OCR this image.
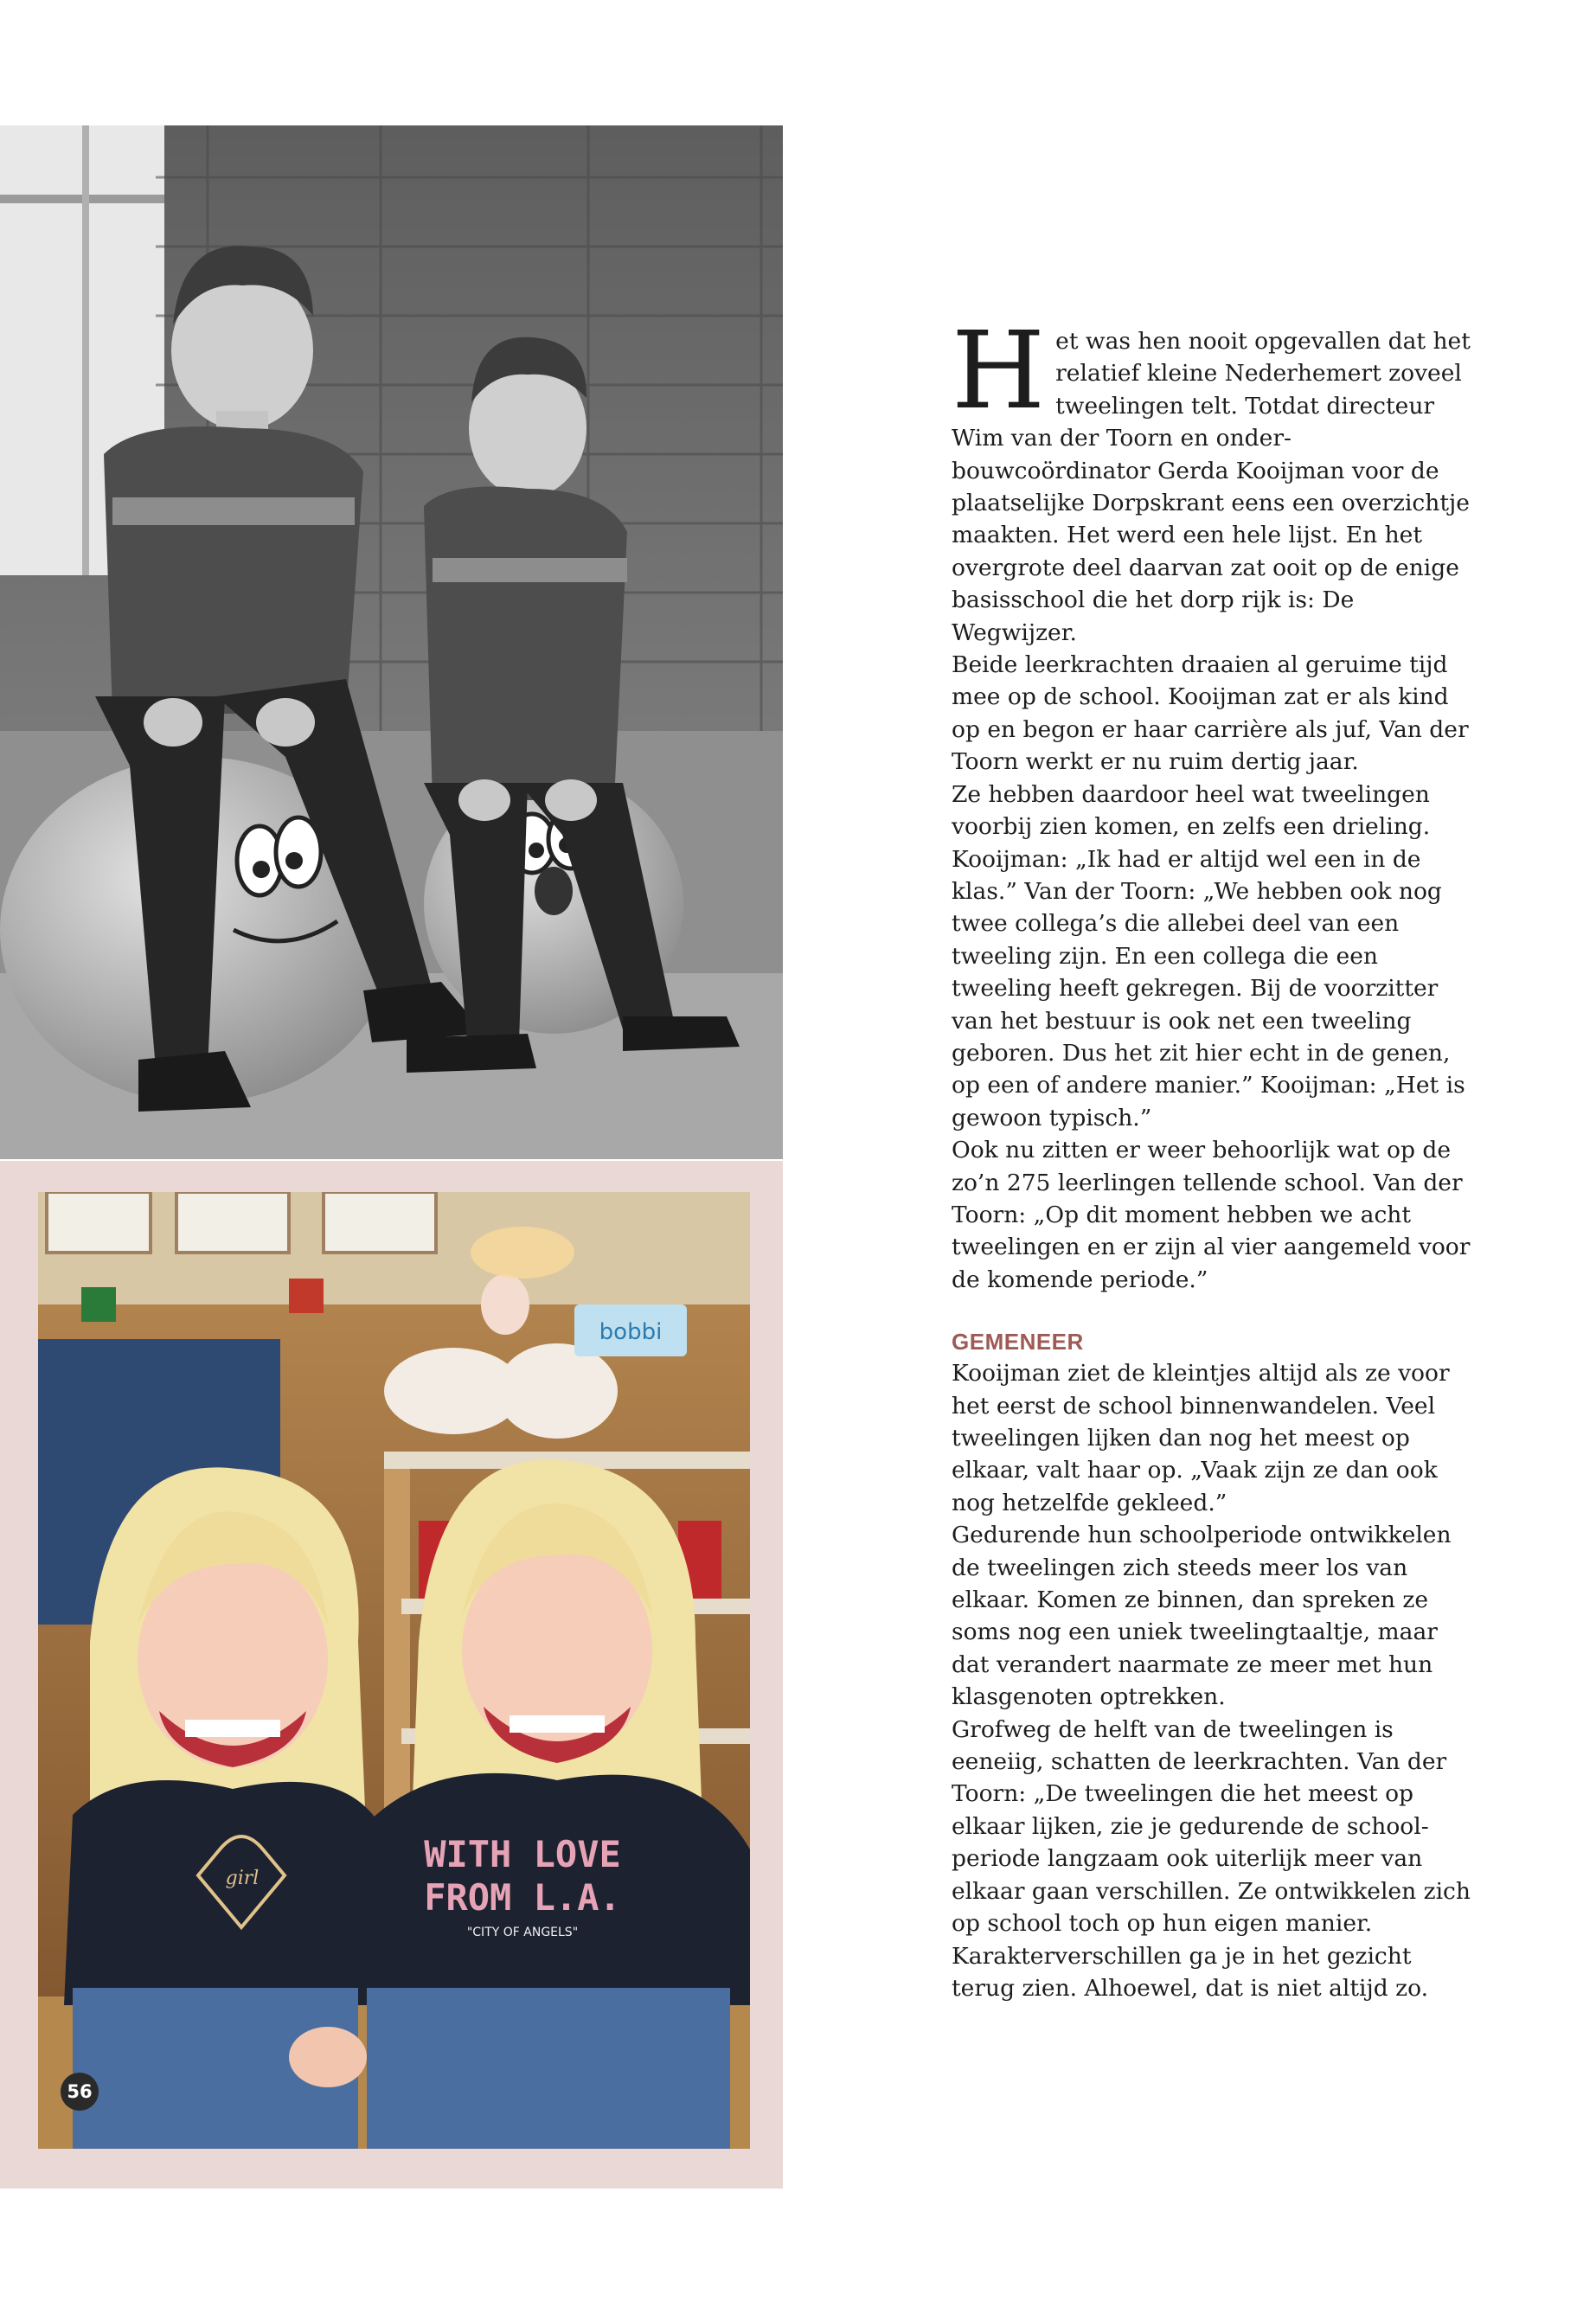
bobbi
girl
WITH LOVE
FROM L.A.
"CITY OF ANGELS"
56
H et was hen nooit opgevallen dat het relatief kleine Nederhemert zoveel tweelingen telt. Totdat directeur Wim van der Toorn en onderbouwcoördinator Gerda Kooijman voor de plaatselijke Dorpskrant eens een overzichtje maakten. Het werd een hele lijst. En het overgrote deel daarvan zat ooit op de enige basisschool die het dorp rijk is: De Wegwijzer.

Beide leerkrachten draaien al geruime tijd mee op de school. Kooijman zat er als kind op en begon er haar carrière als juf, Van der Toorn werkt er nu ruim dertig jaar.

Ze hebben daardoor heel wat tweelingen voorbij zien komen, en zelfs een drieling. Kooijman: „Ik had er altijd wel een in de klas.” Van der Toorn: „We hebben ook nog twee collega’s die allebei deel van een tweeling zijn. En een collega die een tweeling heeft gekregen. Bij de voorzitter van het bestuur is ook net een tweeling geboren. Dus het zit hier echt in de genen, op een of andere manier.” Kooijman: „Het is gewoon typisch.”

Ook nu zitten er weer behoorlijk wat op de zo’n 275 leerlingen tellende school. Van der Toorn: „Op dit moment hebben we acht tweelingen en er zijn al vier aangemeld voor de komende periode.”

GEMENEER

Kooijman ziet de kleintjes altijd als ze voor het eerst de school binnenwandelen. Veel tweelingen lijken dan nog het meest op elkaar, valt haar op. „Vaak zijn ze dan ook nog hetzelfde gekleed.”

Gedurende hun schoolperiode ontwikkelen de tweelingen zich steeds meer los van elkaar. Komen ze binnen, dan spreken ze soms nog een uniek tweelingtaaltje, maar dat verandert naarmate ze meer met hun klasgenoten optrekken.

Grofweg de helft van de tweelingen is eeneiig, schatten de leerkrachten. Van der Toorn: „De tweelingen die het meest op elkaar lijken, zie je gedurende de schoolperiode langzaam ook uiterlijk meer van elkaar gaan verschillen. Ze ontwikkelen zich op school toch op hun eigen manier. Karakterverschillen ga je in het gezicht terug zien. Alhoewel, dat is niet altijd zo.
